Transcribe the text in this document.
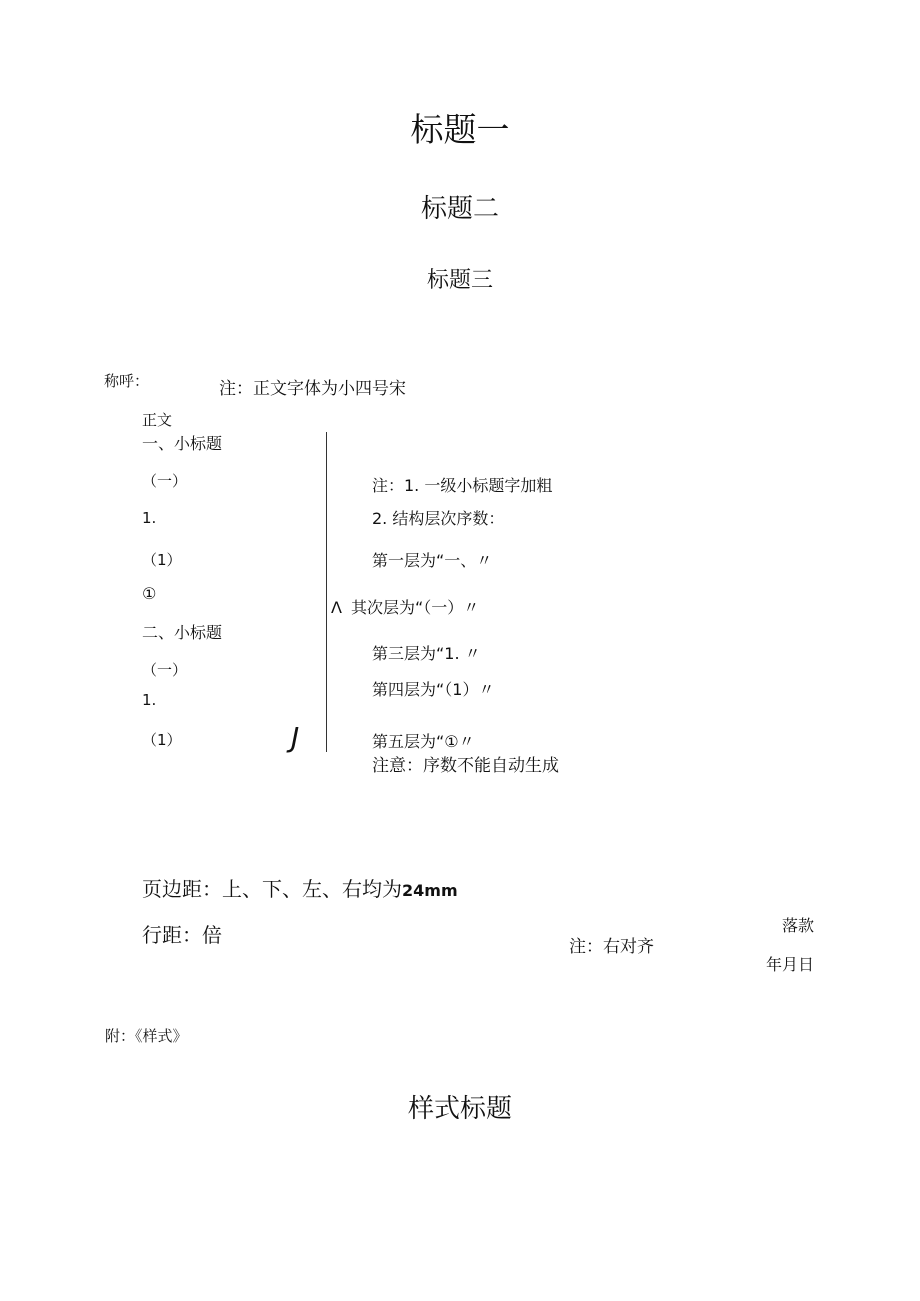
标题一
标题二
标题三
称呼：	注：正文字体为小四号宋
正文
一、小标题
（一）
1.
（1）
①
二、小标题
（一）
1.
（1）	J
注：1. 一级小标题字加粗
2. 结构层次序数：
第一层为“一、〃
Λ 其次层为“（一）〃
第三层为“1. 〃
第四层为“（1）〃
第五层为“①〃
注意：序数不能自动生成
页边距：上、下、左、右均为24mm
行距：倍	落款
注：右对齐
年月日
附：《样式》
样式标题
